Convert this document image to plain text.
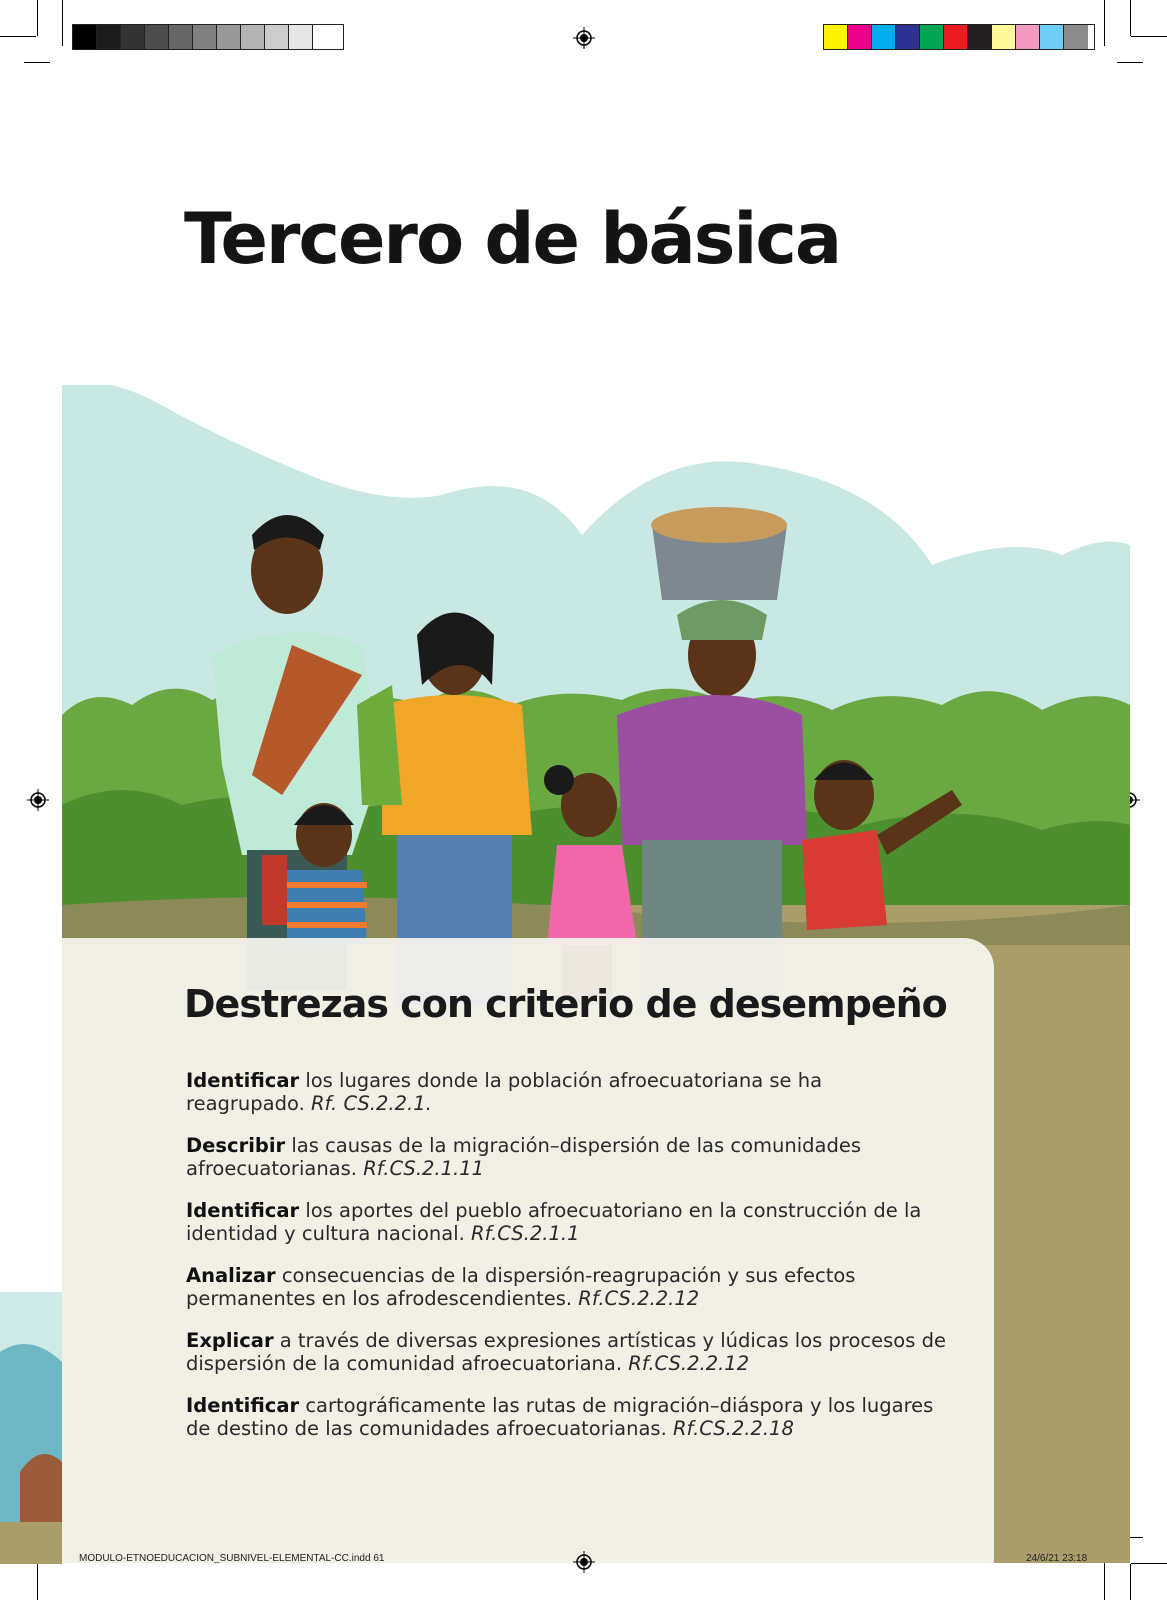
Tercero de básica
Destrezas con criterio de desempeño
Identificar los lugares donde la población afroecuatoriana se ha reagrupado. Rf. CS.2.2.1.
Describir las causas de la migración–dispersión de las comunidades afroecuatorianas. Rf.CS.2.1.11
Identificar los aportes del pueblo afroecuatoriano en la construcción de la identidad y cultura nacional. Rf.CS.2.1.1
Analizar consecuencias de la dispersión-reagrupación y sus efectos permanentes en los afrodescendientes. Rf.CS.2.2.12
Explicar a través de diversas expresiones artísticas y lúdicas los procesos de dispersión de la comunidad afroecuatoriana. Rf.CS.2.2.12
Identificar cartográficamente las rutas de migración–diáspora y los lugares de destino de las comunidades afroecuatorianas. Rf.CS.2.2.18
MODULO-ETNOEDUCACION_SUBNIVEL-ELEMENTAL-CC.indd 61	24/6/21 23:18
